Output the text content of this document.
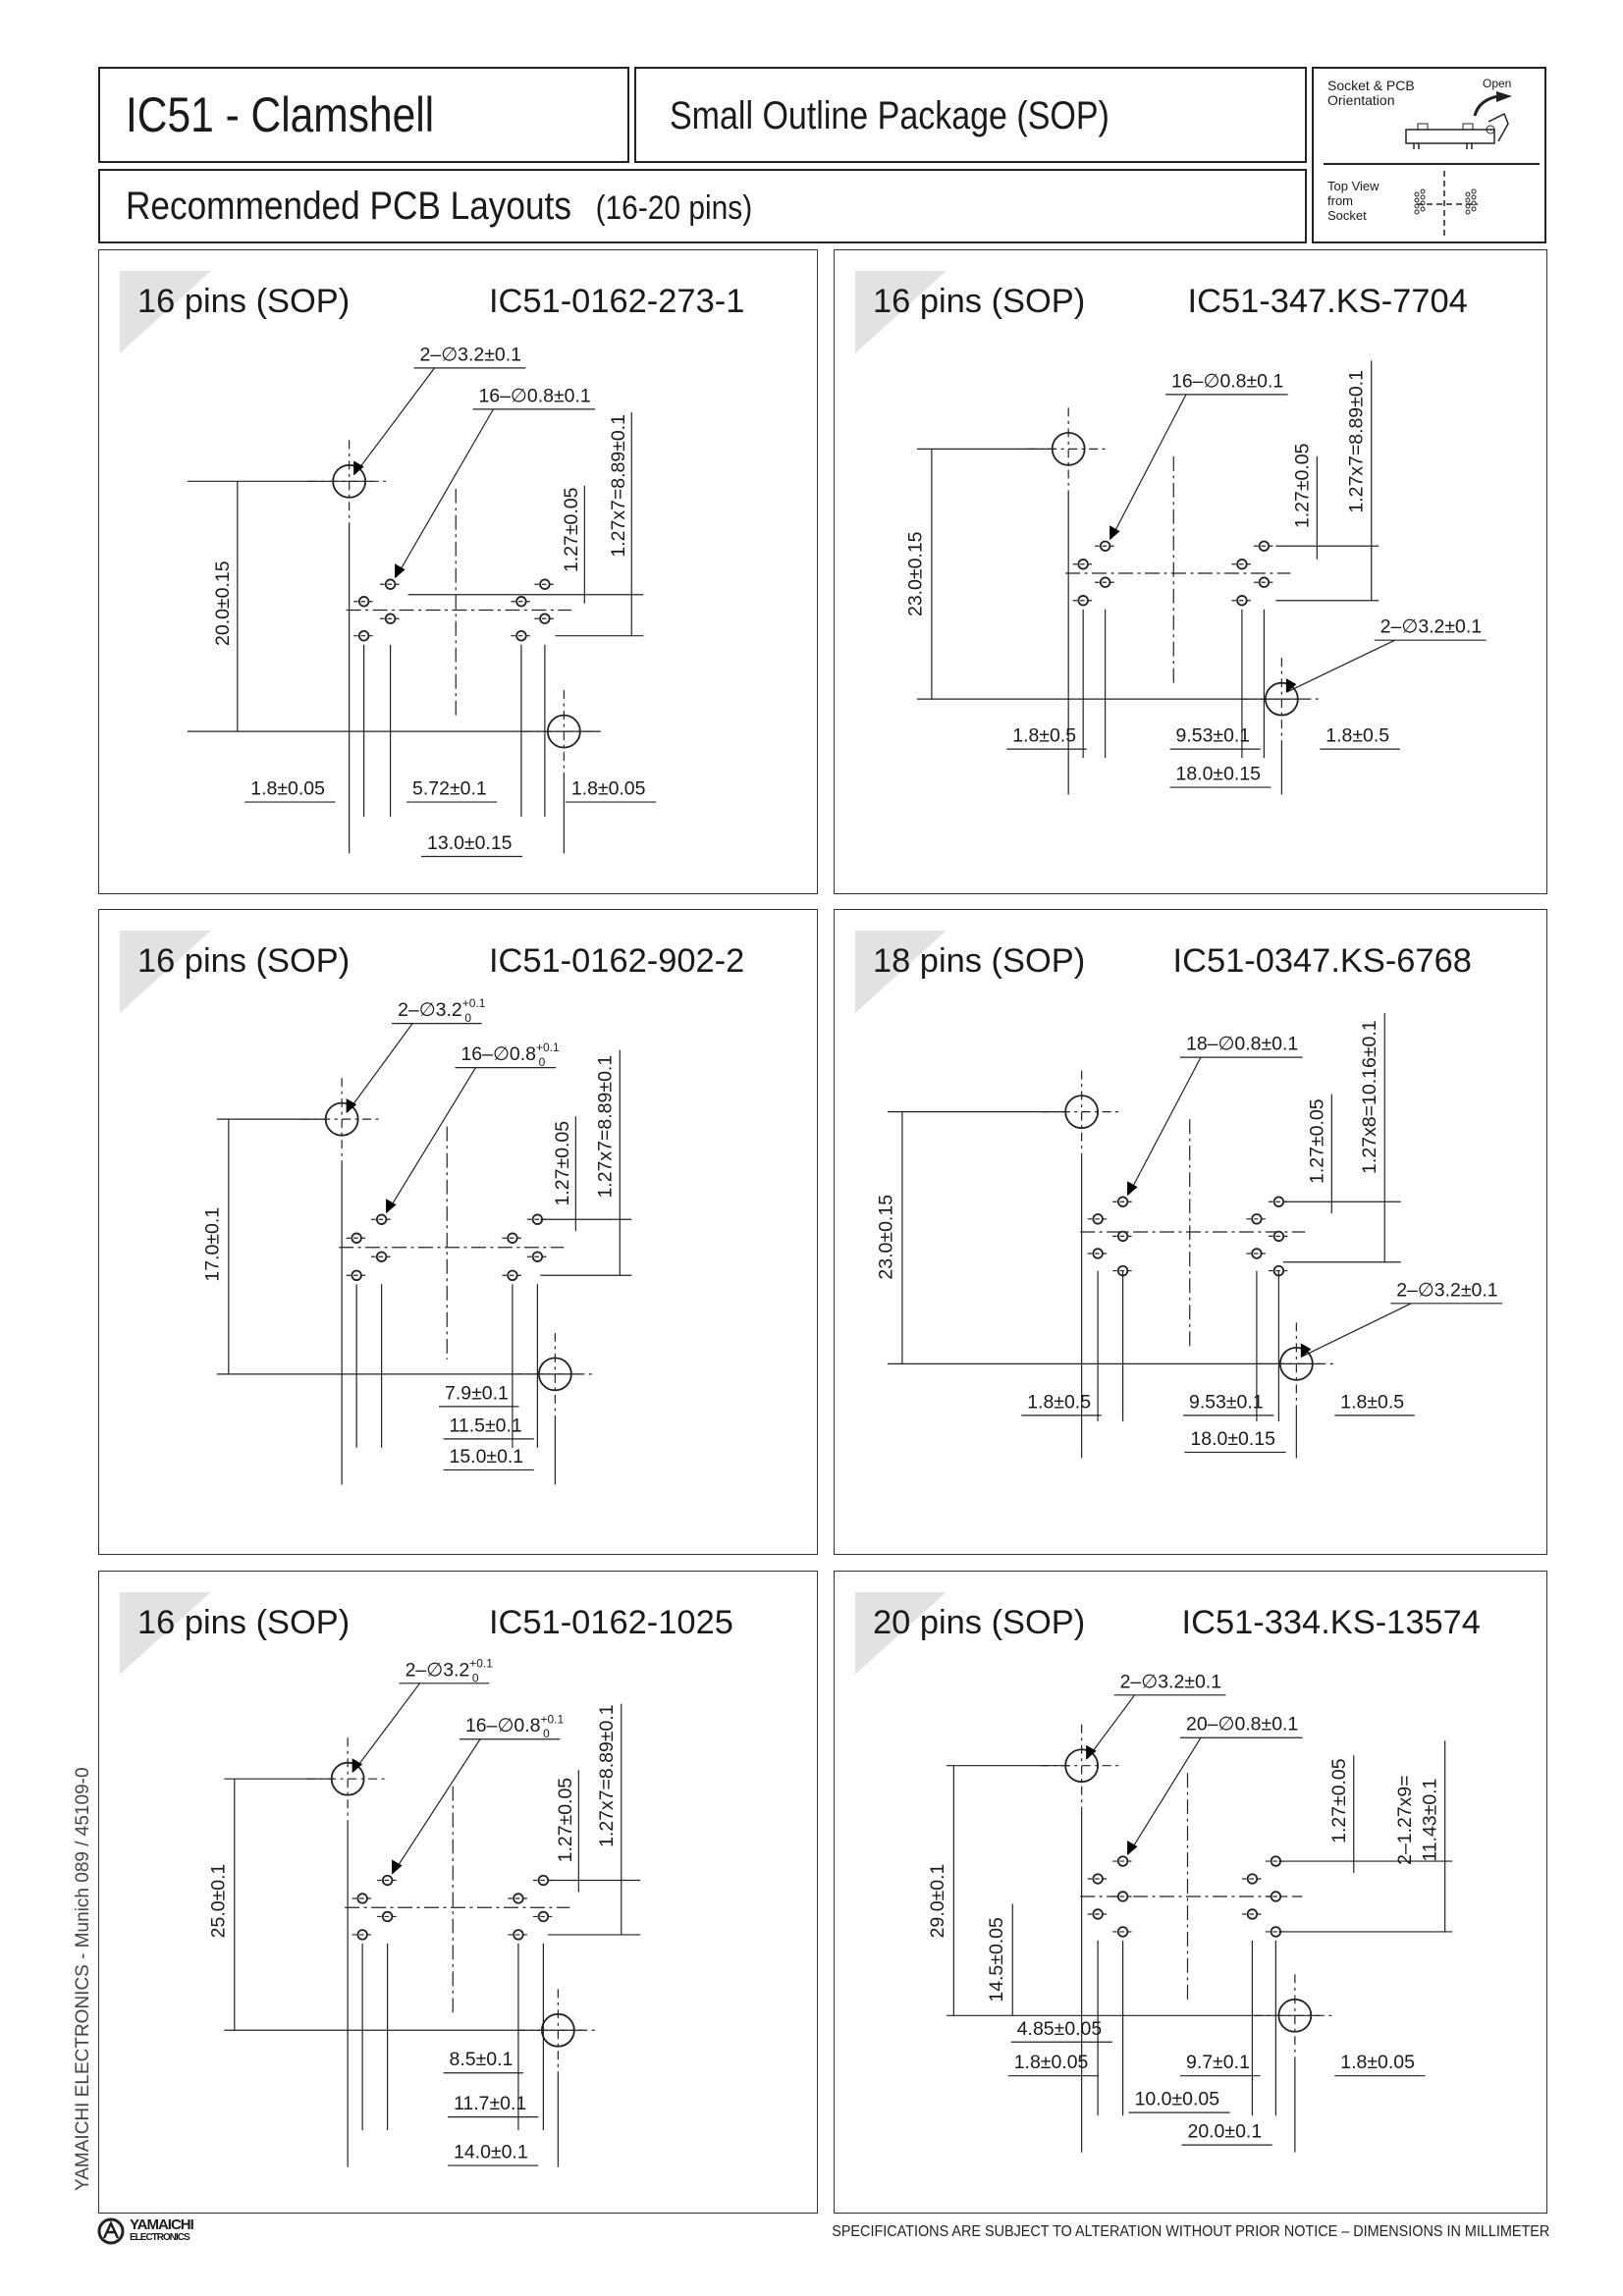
IC51 - Clamshell	Small Outline Package (SOP)
Recommended PCB Layouts (16-20 pins)
Socket & PCB
Orientation
Open
Top View
from
Socket
16 pins (SOP)	IC51-0162-273-1
2–∅3.2±0.1
16–∅0.8±0.1
20.0±0.15
1.27±0.05 1.27x7=8.89±0.1
1.8±0.05	5.72±0.1	1.8±0.05
13.0±0.15
16 pins (SOP)	IC51-347.KS-7704
16–∅0.8±0.1
1.27±0.05	1.27x7=8.89±0.1
23.0±0.15
2–∅3.2±0.1
1.8±0.5	9.53±0.1	1.8±0.5
18.0±0.15
16 pins (SOP)	IC51-0162-902-2
$2-\emptyset 3.2^{+0.1}$ 0
$16-\emptyset 0.8^{+0.1}$ 0
17.0±0.1
1.27±0.05 1.27x7=8.89±0.1
7.9±0.1
11.5±0.1
15.0±0.1
18 pins (SOP)	IC51-0347.KS-6768
18–∅0.8±0.1
23.0±0.15
1.27±0.05 1.27x8=10.16±0.1
2–∅3.2±0.1
1.8±0.5	9.53±0.1	1.8±0.5
18.0±0.15
16 pins (SOP)	IC51-0162-1025
$2-\emptyset 3.2^{+0.1}$ 0
$16-\emptyset 0.8^{+0.1}$ 0
25.0±0.1
1.27±0.05 1.27x7=8.89±0.1
8.5±0.1
11.7±0.1
14.0±0.1
20 pins (SOP)	IC51-334.KS-13574
2–∅3.2±0.1
20–∅0.8±0.1
29.0±0.1
14.5±0.05
1.27±0.05	2–1.27x9= 11.43±0.1
4.85±0.05
1.8±0.05	9.7±0.1	1.8±0.05
10.0±0.05
20.0±0.1
YAMAICHI ELECTRONICS - Munich 089 / 45109-0
YAMAICHI
ELECTRONICS	SPECIFICATIONS ARE SUBJECT TO ALTERATION WITHOUT PRIOR NOTICE – DIMENSIONS IN MILLIMETER
